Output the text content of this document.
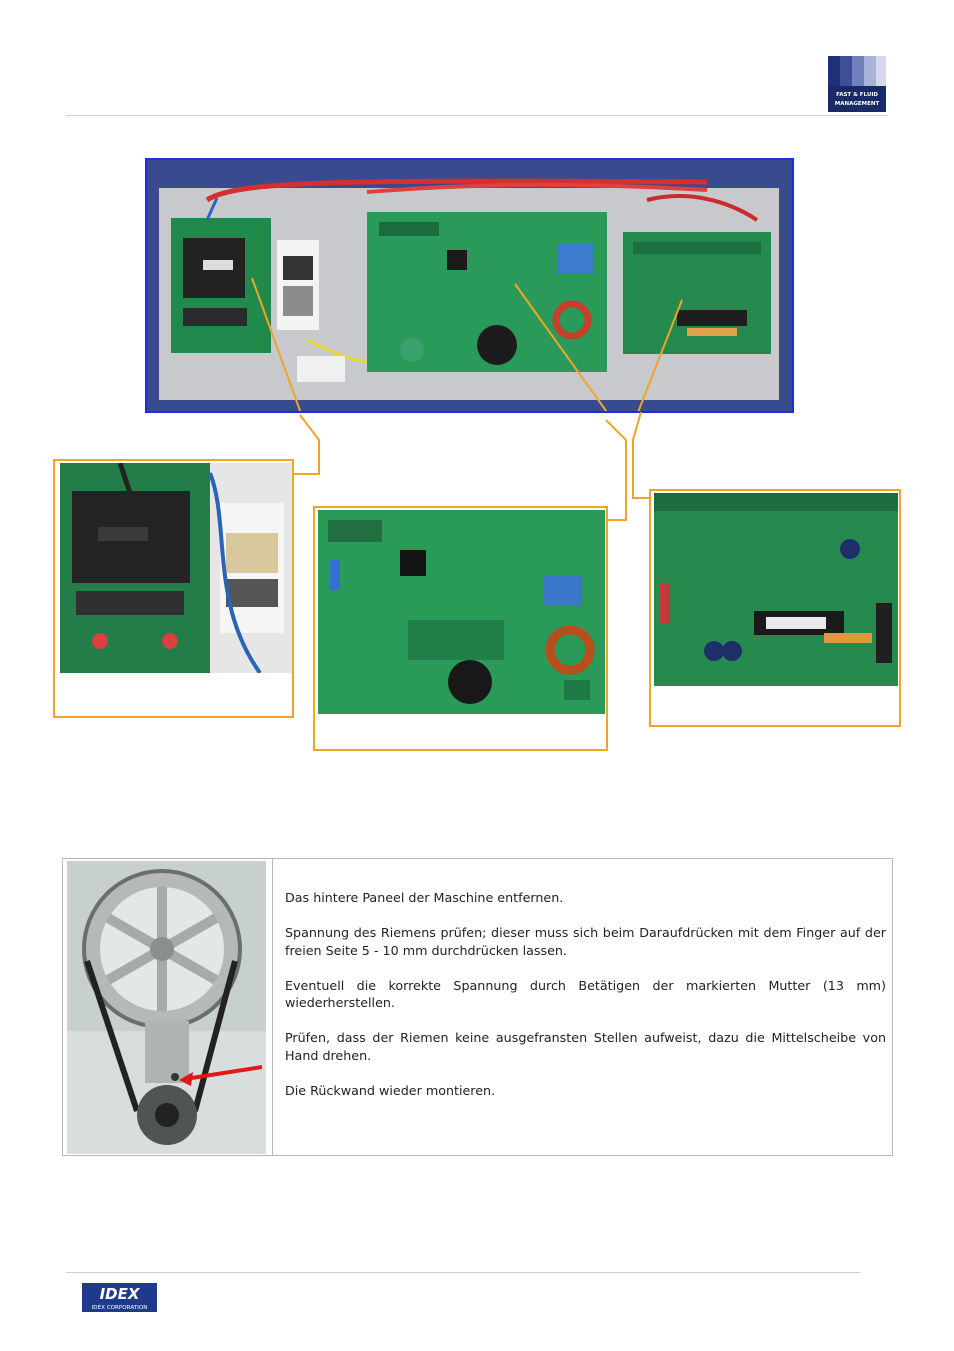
FAST & FLUID
MANAGEMENT

Das hintere Paneel der Maschine entfernen.

Spannung des Riemens prüfen; dieser muss sich beim Daraufdrücken mit dem Finger auf der freien Seite 5 - 10 mm durchdrücken lassen.

Eventuell die korrekte Spannung durch Betätigen der markierten Mutter (13 mm) wiederherstellen.

Prüfen, dass der Riemen keine ausgefransten Stellen aufweist, dazu die Mittelscheibe von Hand drehen.

Die Rückwand wieder montieren.

IDEX
IDEX CORPORATION
